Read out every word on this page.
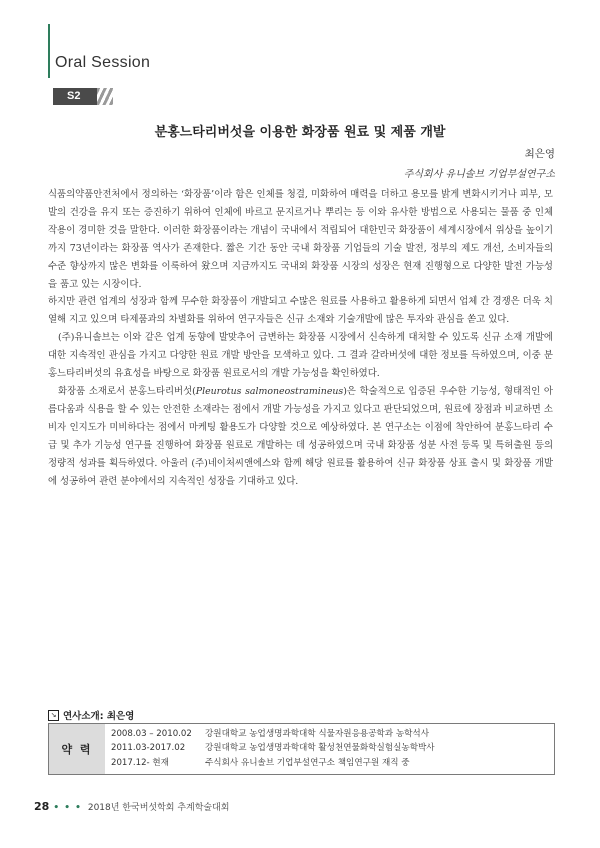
Oral Session
S2
분홍느타리버섯을 이용한 화장품 원료 및 제품 개발
최은영
주식회사 유니솔브 기업부설연구소

식품의약품안전처에서 정의하는 ‘화장품’이라 함은 인체를 청결, 미화하여 매력을 더하고 용모를 밝게 변화시키거나 피부, 모발의 건강을 유지 또는 증진하기 위하여 인체에 바르고 문지르거나 뿌리는 등 이와 유사한 방법으로 사용되는 물품 중 인체 작용이 경미한 것을 말한다. 이러한 화장품이라는 개념이 국내에서 적립되어 대한민국 화장품이 세계시장에서 위상을 높이기까지 73년이라는 화장품 역사가 존재한다. 짧은 기간 동안 국내 화장품 기업들의 기술 발전, 정부의 제도 개선, 소비자들의 수준 향상까지 많은 변화를 이룩하여 왔으며 지금까지도 국내외 화장품 시장의 성장은 현재 진행형으로 다양한 발전 가능성을 품고 있는 시장이다.

하지만 관련 업계의 성장과 함께 무수한 화장품이 개발되고 수많은 원료를 사용하고 활용하게 되면서 업체 간 경쟁은 더욱 치열해 지고 있으며 타제품과의 차별화를 위하여 연구자들은 신규 소재와 기술개발에 많은 투자와 관심을 쏟고 있다.

(주)유니솔브는 이와 같은 업계 동향에 발맞추어 급변하는 화장품 시장에서 신속하게 대처할 수 있도록 신규 소재 개발에 대한 지속적인 관심을 가지고 다양한 원료 개발 방안을 모색하고 있다. 그 결과 갈라버섯에 대한 정보를 득하였으며, 이중 분홍느타리버섯의 유효성을 바탕으로 화장품 원료로서의 개발 가능성을 확인하였다.

화장품 소재로서 분홍느타리버섯(Pleurotus salmoneostramineus)은 학술적으로 입증된 우수한 기능성, 형태적인 아름다움과 식용을 할 수 있는 안전한 소재라는 점에서 개발 가능성을 가지고 있다고 판단되었으며, 원료에 장점과 비교하면 소비자 인지도가 미비하다는 점에서 마케팅 활용도가 다양할 것으로 예상하였다. 본 연구소는 이점에 착안하여 분홍느타리 수급 및 추가 기능성 연구를 진행하여 화장품 원료로 개발하는 데 성공하였으며 국내 화장품 성분 사전 등록 및 특허출원 등의 정량적 성과를 획득하였다. 아울러 (주)네이처씨앤에스와 함께 해당 원료를 활용하여 신규 화장품 상표 출시 및 화장품 개발에 성공하여 관련 분야에서의 지속적인 성장을 기대하고 있다.

↘ 연사소개: 최은영
약 력
2008.03 – 2010.02	강원대학교 농업생명과학대학 식물자원응용공학과 농학석사
2011.03-2017.02	강원대학교 농업생명과학대학 활성천연물화학실험실농학박사
2017.12- 현재	주식회사 유니솔브 기업부설연구소 책임연구원 재직 중
28 • • • 2018년 한국버섯학회 추계학술대회
